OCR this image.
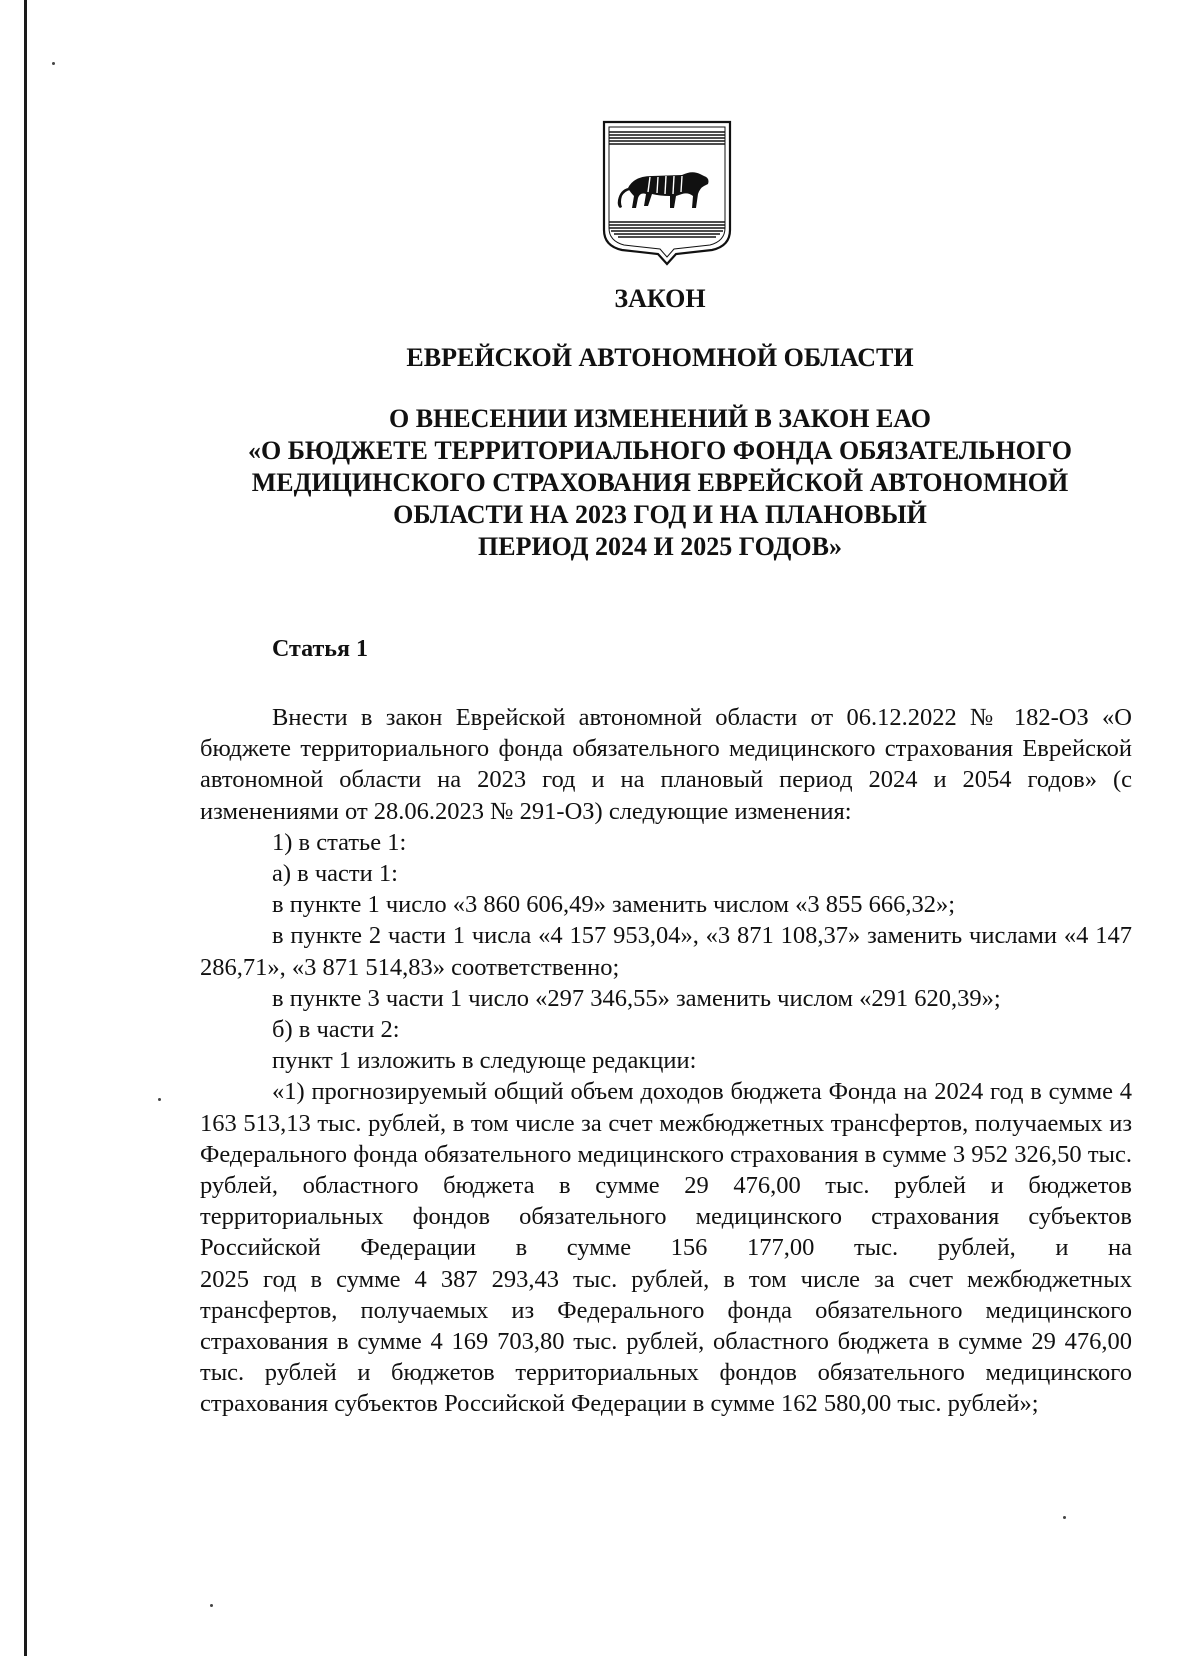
ЗАКОН
ЕВРЕЙСКОЙ АВТОНОМНОЙ ОБЛАСТИ
О ВНЕСЕНИИ ИЗМЕНЕНИЙ В ЗАКОН ЕАО
«О БЮДЖЕТЕ ТЕРРИТОРИАЛЬНОГО ФОНДА ОБЯЗАТЕЛЬНОГО
МЕДИЦИНСКОГО СТРАХОВАНИЯ ЕВРЕЙСКОЙ АВТОНОМНОЙ
ОБЛАСТИ НА 2023 ГОД И НА ПЛАНОВЫЙ
ПЕРИОД 2024 И 2025 ГОДОВ»
Статья 1

Внести в закон Еврейской автономной области от 06.12.2022 № 182-ОЗ «О бюджете территориального фонда обязательного медицинского страхования Еврейской автономной области на 2023 год и на плановый период 2024 и 2054 годов» (с изменениями от 28.06.2023 № 291-ОЗ) следующие изменения:

1) в статье 1:

а) в части 1:

в пункте 1 число «3 860 606,49» заменить числом «3 855 666,32»;

в пункте 2 части 1 числа «4 157 953,04», «3 871 108,37» заменить числами «4 147 286,71», «3 871 514,83» соответственно;

в пункте 3 части 1 число «297 346,55» заменить числом «291 620,39»;

б) в части 2:

пункт 1 изложить в следующе редакции:

«1) прогнозируемый общий объем доходов бюджета Фонда на 2024 год в сумме 4 163 513,13 тыс. рублей, в том числе за счет межбюджетных трансфертов, получаемых из Федерального фонда обязательного медицинского страхования в сумме 3 952 326,50 тыс. рублей, областного бюджета в сумме 29 476,00 тыс. рублей и бюджетов территориальных фондов обязательного медицинского страхования субъектов Российской Федерации в сумме 156 177,00 тыс. рублей, и на

2025 год в сумме 4 387 293,43 тыс. рублей, в том числе за счет межбюджетных трансфертов, получаемых из Федерального фонда обязательного медицинского страхования в сумме 4 169 703,80 тыс. рублей, областного бюджета в сумме 29 476,00 тыс. рублей и бюджетов территориальных фондов обязательного медицинского страхования субъектов Российской Федерации в сумме 162 580,00 тыс. рублей»;
